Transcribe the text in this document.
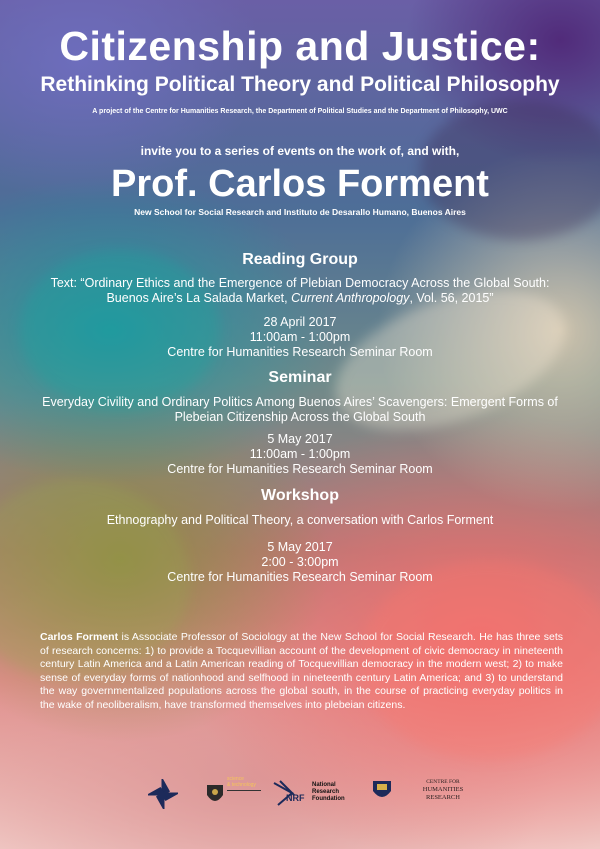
Citizenship and Justice:
Rethinking Political Theory and Political Philosophy
A project of the Centre for Humanities Research, the Department of Political Studies and the Department of Philosophy, UWC
invite you to a series of events on the work of, and with,
Prof. Carlos Forment
New School for Social Research and Instituto de Desarallo Humano, Buenos Aires
Reading Group
Text: “Ordinary Ethics and the Emergence of Plebian Democracy Across the Global South: Buenos Aire’s La Salada Market, Current Anthropology, Vol. 56, 2015”
28 April 2017
11:00am - 1:00pm
Centre for Humanities Research Seminar Room
Seminar
Everyday Civility and Ordinary Politics Among Buenos Aires’ Scavengers: Emergent Forms of Plebeian Citizenship Across the Global South
5 May 2017
11:00am - 1:00pm
Centre for Humanities Research Seminar Room
Workshop
Ethnography and Political Theory, a conversation with Carlos Forment
5 May 2017
2:00 - 3:00pm
Centre for Humanities Research Seminar Room
Carlos Forment is Associate Professor of Sociology at the New School for Social Research. He has three sets of research concerns: 1) to provide a Tocquevillian account of the development of civic democracy in nineteenth century Latin America and a Latin American reading of Tocquevillian democracy in the modern west; 2) to make sense of everyday forms of nationhood and selfhood in nineteenth century Latin America; and 3) to understand the way governmentalized populations across the global south, in the course of practicing everyday politics in the wake of neoliberalism, have transformed themselves into plebeian citizens.
science
& technology
NRF
National
Research
Foundation
CENTRE FOR
HUMANITIES
RESEARCH
